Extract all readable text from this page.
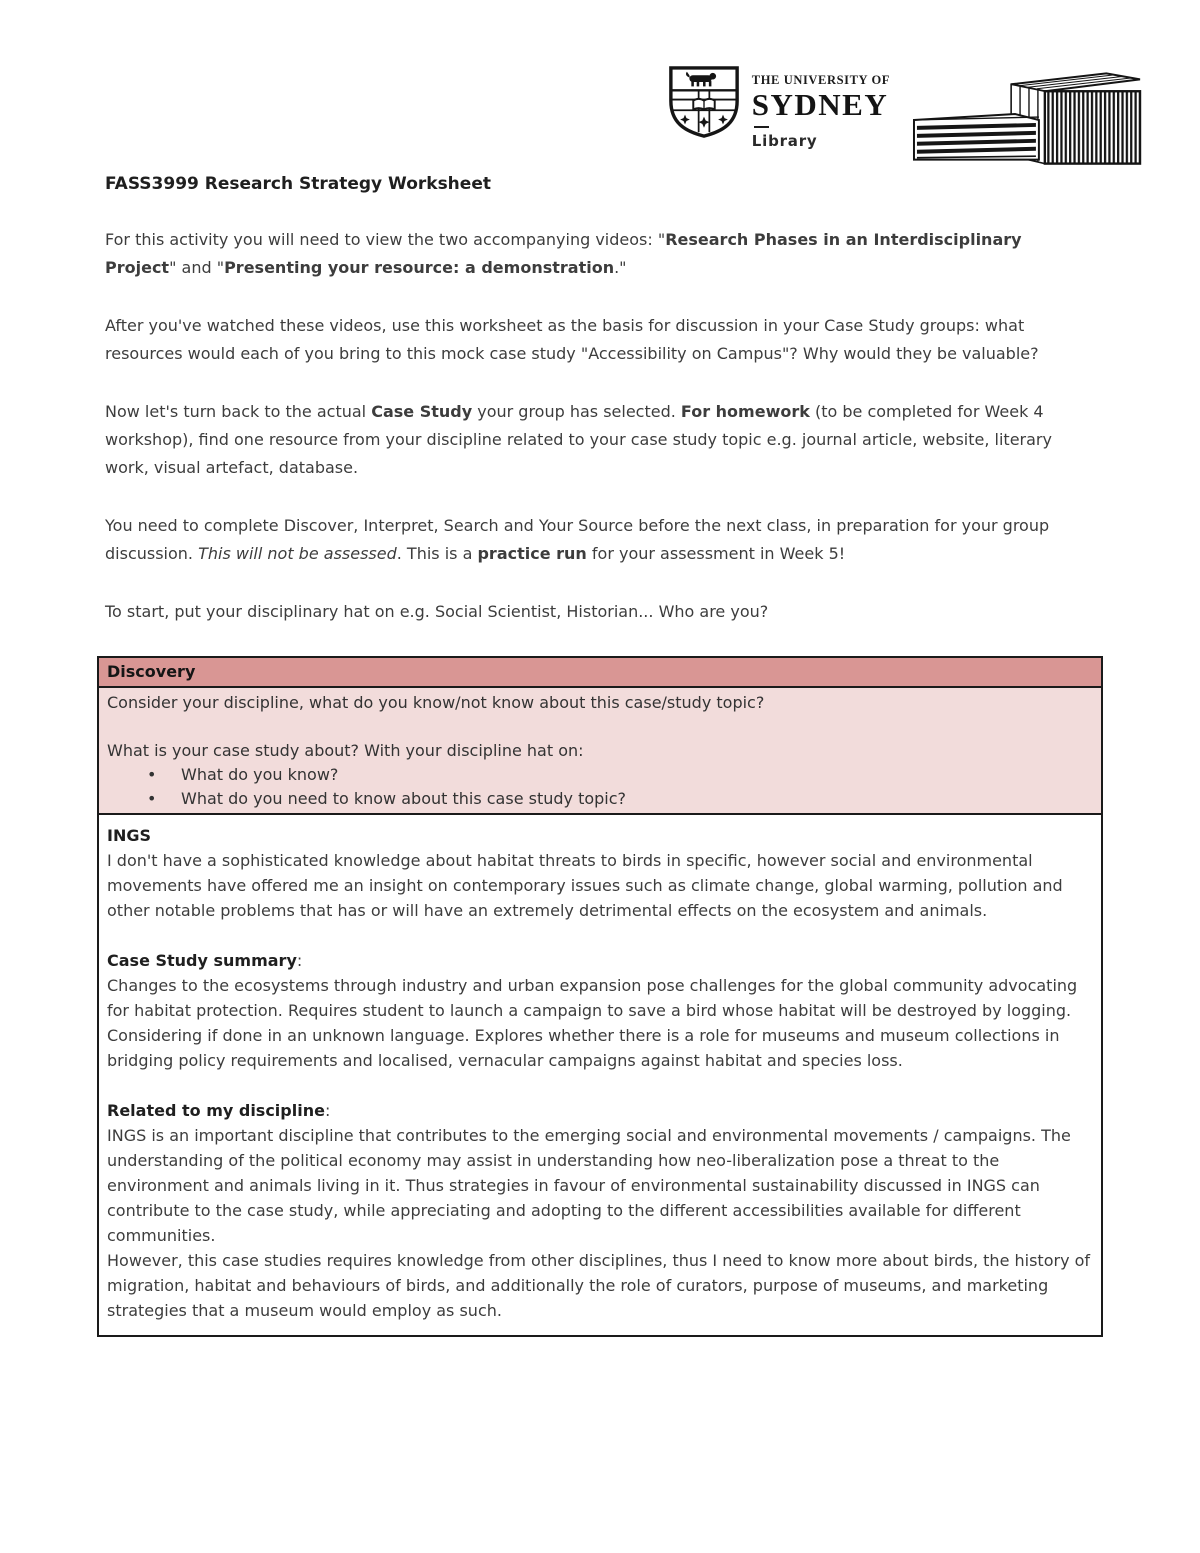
THE UNIVERSITY OF
SYDNEY
Library
FASS3999 Research Strategy Worksheet

For this activity you will need to view the two accompanying videos: "Research Phases in an Interdisciplinary Project" and "Presenting your resource: a demonstration."

After you've watched these videos, use this worksheet as the basis for discussion in your Case Study groups: what resources would each of you bring to this mock case study "Accessibility on Campus"? Why would they be valuable?

Now let's turn back to the actual Case Study your group has selected. For homework (to be completed for Week 4 workshop), find one resource from your discipline related to your case study topic e.g. journal article, website, literary work, visual artefact, database.

You need to complete Discover, Interpret, Search and Your Source before the next class, in preparation for your group discussion. This will not be assessed. This is a practice run for your assessment in Week 5!

To start, put your disciplinary hat on e.g. Social Scientist, Historian... Who are you?

Discovery

Consider your discipline, what do you know/not know about this case/study topic?

What is your case study about? With your discipline hat on:

• What do you know?
• What do you need to know about this case study topic?

INGS

I don't have a sophisticated knowledge about habitat threats to birds in specific, however social and environmental movements have offered me an insight on contemporary issues such as climate change, global warming, pollution and other notable problems that has or will have an extremely detrimental effects on the ecosystem and animals.

Case Study summary:

Changes to the ecosystems through industry and urban expansion pose challenges for the global community advocating for habitat protection. Requires student to launch a campaign to save a bird whose habitat will be destroyed by logging. Considering if done in an unknown language. Explores whether there is a role for museums and museum collections in bridging policy requirements and localised, vernacular campaigns against habitat and species loss.

Related to my discipline:

INGS is an important discipline that contributes to the emerging social and environmental movements / campaigns. The understanding of the political economy may assist in understanding how neo-liberalization pose a threat to the environment and animals living in it. Thus strategies in favour of environmental sustainability discussed in INGS can contribute to the case study, while appreciating and adopting to the different accessibilities available for different communities.

However, this case studies requires knowledge from other disciplines, thus I need to know more about birds, the history of migration, habitat and behaviours of birds, and additionally the role of curators, purpose of museums, and marketing strategies that a museum would employ as such.
